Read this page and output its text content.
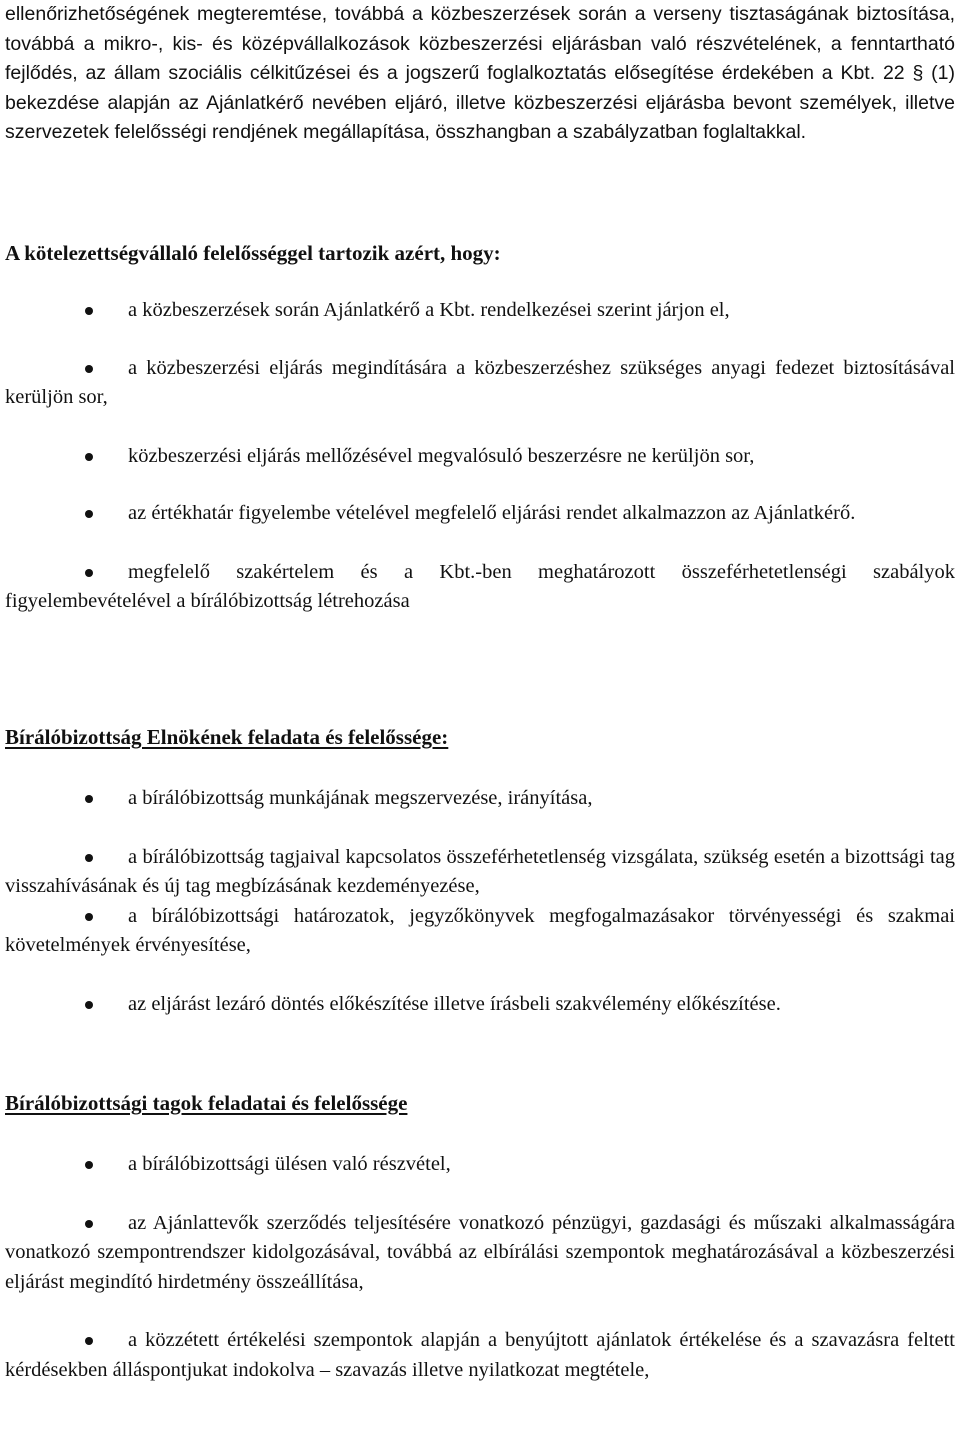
ellenőrizhetőségének megteremtése, továbbá a közbeszerzések során a verseny tisztaságának biztosítása, továbbá a mikro-, kis- és középvállalkozások közbeszerzési eljárásban való részvételének, a fenntartható fejlődés, az állam szociális célkitűzései és a jogszerű foglalkoztatás elősegítése érdekében a Kbt. 22 § (1) bekezdése alapján az Ajánlatkérő nevében eljáró, illetve közbeszerzési eljárásba bevont személyek, illetve szervezetek felelősségi rendjének megállapítása, összhangban a szabályzatban foglaltakkal.

A kötelezettségvállaló felelősséggel tartozik azért, hogy:
a közbeszerzések során Ajánlatkérő a Kbt. rendelkezései szerint járjon el,
a közbeszerzési eljárás megindítására a közbeszerzéshez szükséges anyagi fedezet biztosításával kerüljön sor,
közbeszerzési eljárás mellőzésével megvalósuló beszerzésre ne kerüljön sor,
az értékhatár figyelembe vételével megfelelő eljárási rendet alkalmazzon az Ajánlatkérő.
megfelelő szakértelem és a Kbt.-ben meghatározott összeférhetetlenségi szabályok figyelembevételével a bírálóbizottság létrehozása
Bírálóbizottság Elnökének feladata és felelőssége:
a bírálóbizottság munkájának megszervezése, irányítása,
a bírálóbizottság tagjaival kapcsolatos összeférhetetlenség vizsgálata, szükség esetén a bizottsági tag visszahívásának és új tag megbízásának kezdeményezése,
a bírálóbizottsági határozatok, jegyzőkönyvek megfogalmazásakor törvényességi és szakmai követelmények érvényesítése,
az eljárást lezáró döntés előkészítése illetve írásbeli szakvélemény előkészítése.
Bírálóbizottsági tagok feladatai és felelőssége
a bírálóbizottsági ülésen való részvétel,
az Ajánlattevők szerződés teljesítésére vonatkozó pénzügyi, gazdasági és műszaki alkalmasságára vonatkozó szempontrendszer kidolgozásával, továbbá az elbírálási szempontok meghatározásával a közbeszerzési eljárást megindító hirdetmény összeállítása,
a közzétett értékelési szempontok alapján a benyújtott ajánlatok értékelése és a szavazásra feltett kérdésekben álláspontjukat indokolva – szavazás illetve nyilatkozat megtétele,
